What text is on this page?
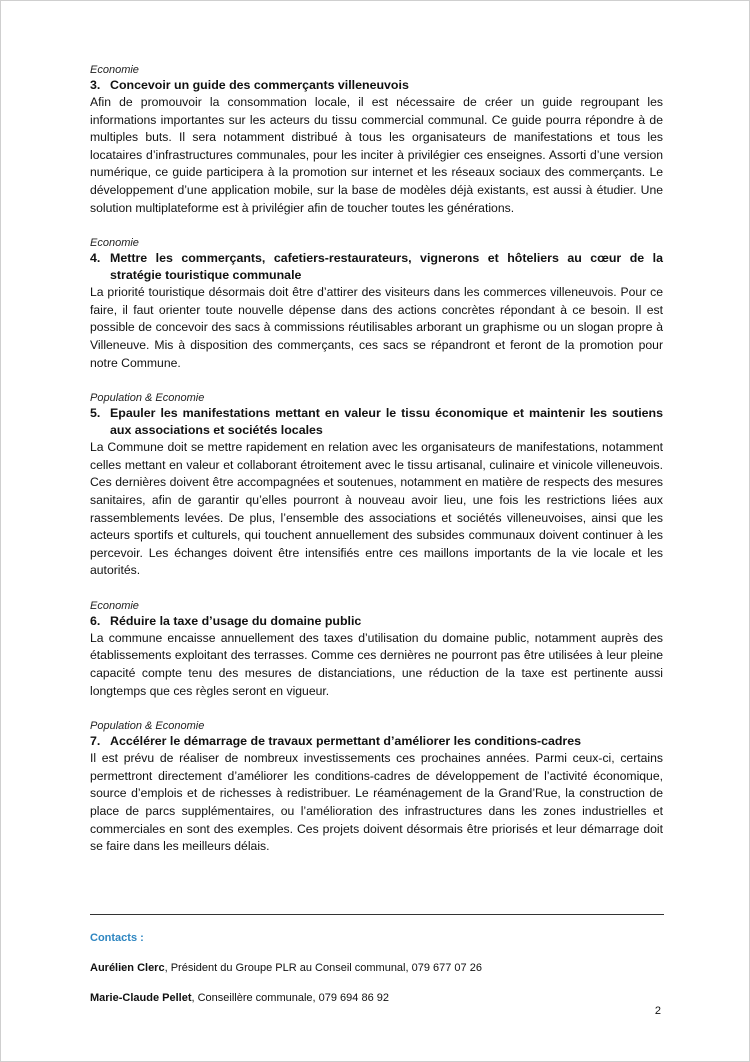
Economie
3. Concevoir un guide des commerçants villeneuvois

Afin de promouvoir la consommation locale, il est nécessaire de créer un guide regroupant les informations importantes sur les acteurs du tissu commercial communal. Ce guide pourra répondre à de multiples buts. Il sera notamment distribué à tous les organisateurs de manifestations et tous les locataires d’infrastructures communales, pour les inciter à privilégier ces enseignes. Assorti d’une version numérique, ce guide participera à la promotion sur internet et les réseaux sociaux des commerçants. Le développement d’une application mobile, sur la base de modèles déjà existants, est aussi à étudier. Une solution multiplateforme est à privilégier afin de toucher toutes les générations.

Economie
4. Mettre les commerçants, cafetiers-restaurateurs, vignerons et hôteliers au cœur de la stratégie touristique communale

La priorité touristique désormais doit être d’attirer des visiteurs dans les commerces villeneuvois. Pour ce faire, il faut orienter toute nouvelle dépense dans des actions concrètes répondant à ce besoin. Il est possible de concevoir des sacs à commissions réutilisables arborant un graphisme ou un slogan propre à Villeneuve. Mis à disposition des commerçants, ces sacs se répandront et feront de la promotion pour notre Commune.

Population & Economie
5. Epauler les manifestations mettant en valeur le tissu économique et maintenir les soutiens aux associations et sociétés locales

La Commune doit se mettre rapidement en relation avec les organisateurs de manifestations, notamment celles mettant en valeur et collaborant étroitement avec le tissu artisanal, culinaire et vinicole villeneuvois. Ces dernières doivent être accompagnées et soutenues, notamment en matière de respects des mesures sanitaires, afin de garantir qu’elles pourront à nouveau avoir lieu, une fois les restrictions liées aux rassemblements levées. De plus, l’ensemble des associations et sociétés villeneuvoises, ainsi que les acteurs sportifs et culturels, qui touchent annuellement des subsides communaux doivent continuer à les percevoir. Les échanges doivent être intensifiés entre ces maillons importants de la vie locale et les autorités.

Economie
6. Réduire la taxe d’usage du domaine public

La commune encaisse annuellement des taxes d’utilisation du domaine public, notamment auprès des établissements exploitant des terrasses. Comme ces dernières ne pourront pas être utilisées à leur pleine capacité compte tenu des mesures de distanciations, une réduction de la taxe est pertinente aussi longtemps que ces règles seront en vigueur.

Population & Economie
7. Accélérer le démarrage de travaux permettant d’améliorer les conditions-cadres

Il est prévu de réaliser de nombreux investissements ces prochaines années. Parmi ceux-ci, certains permettront directement d’améliorer les conditions-cadres de développement de l’activité économique, source d’emplois et de richesses à redistribuer. Le réaménagement de la Grand’Rue, la construction de place de parcs supplémentaires, ou l’amélioration des infrastructures dans les zones industrielles et commerciales en sont des exemples. Ces projets doivent désormais être priorisés et leur démarrage doit se faire dans les meilleurs délais.

Contacts :
Aurélien Clerc, Président du Groupe PLR au Conseil communal, 079 677 07 26
Marie-Claude Pellet, Conseillère communale, 079 694 86 92
2
